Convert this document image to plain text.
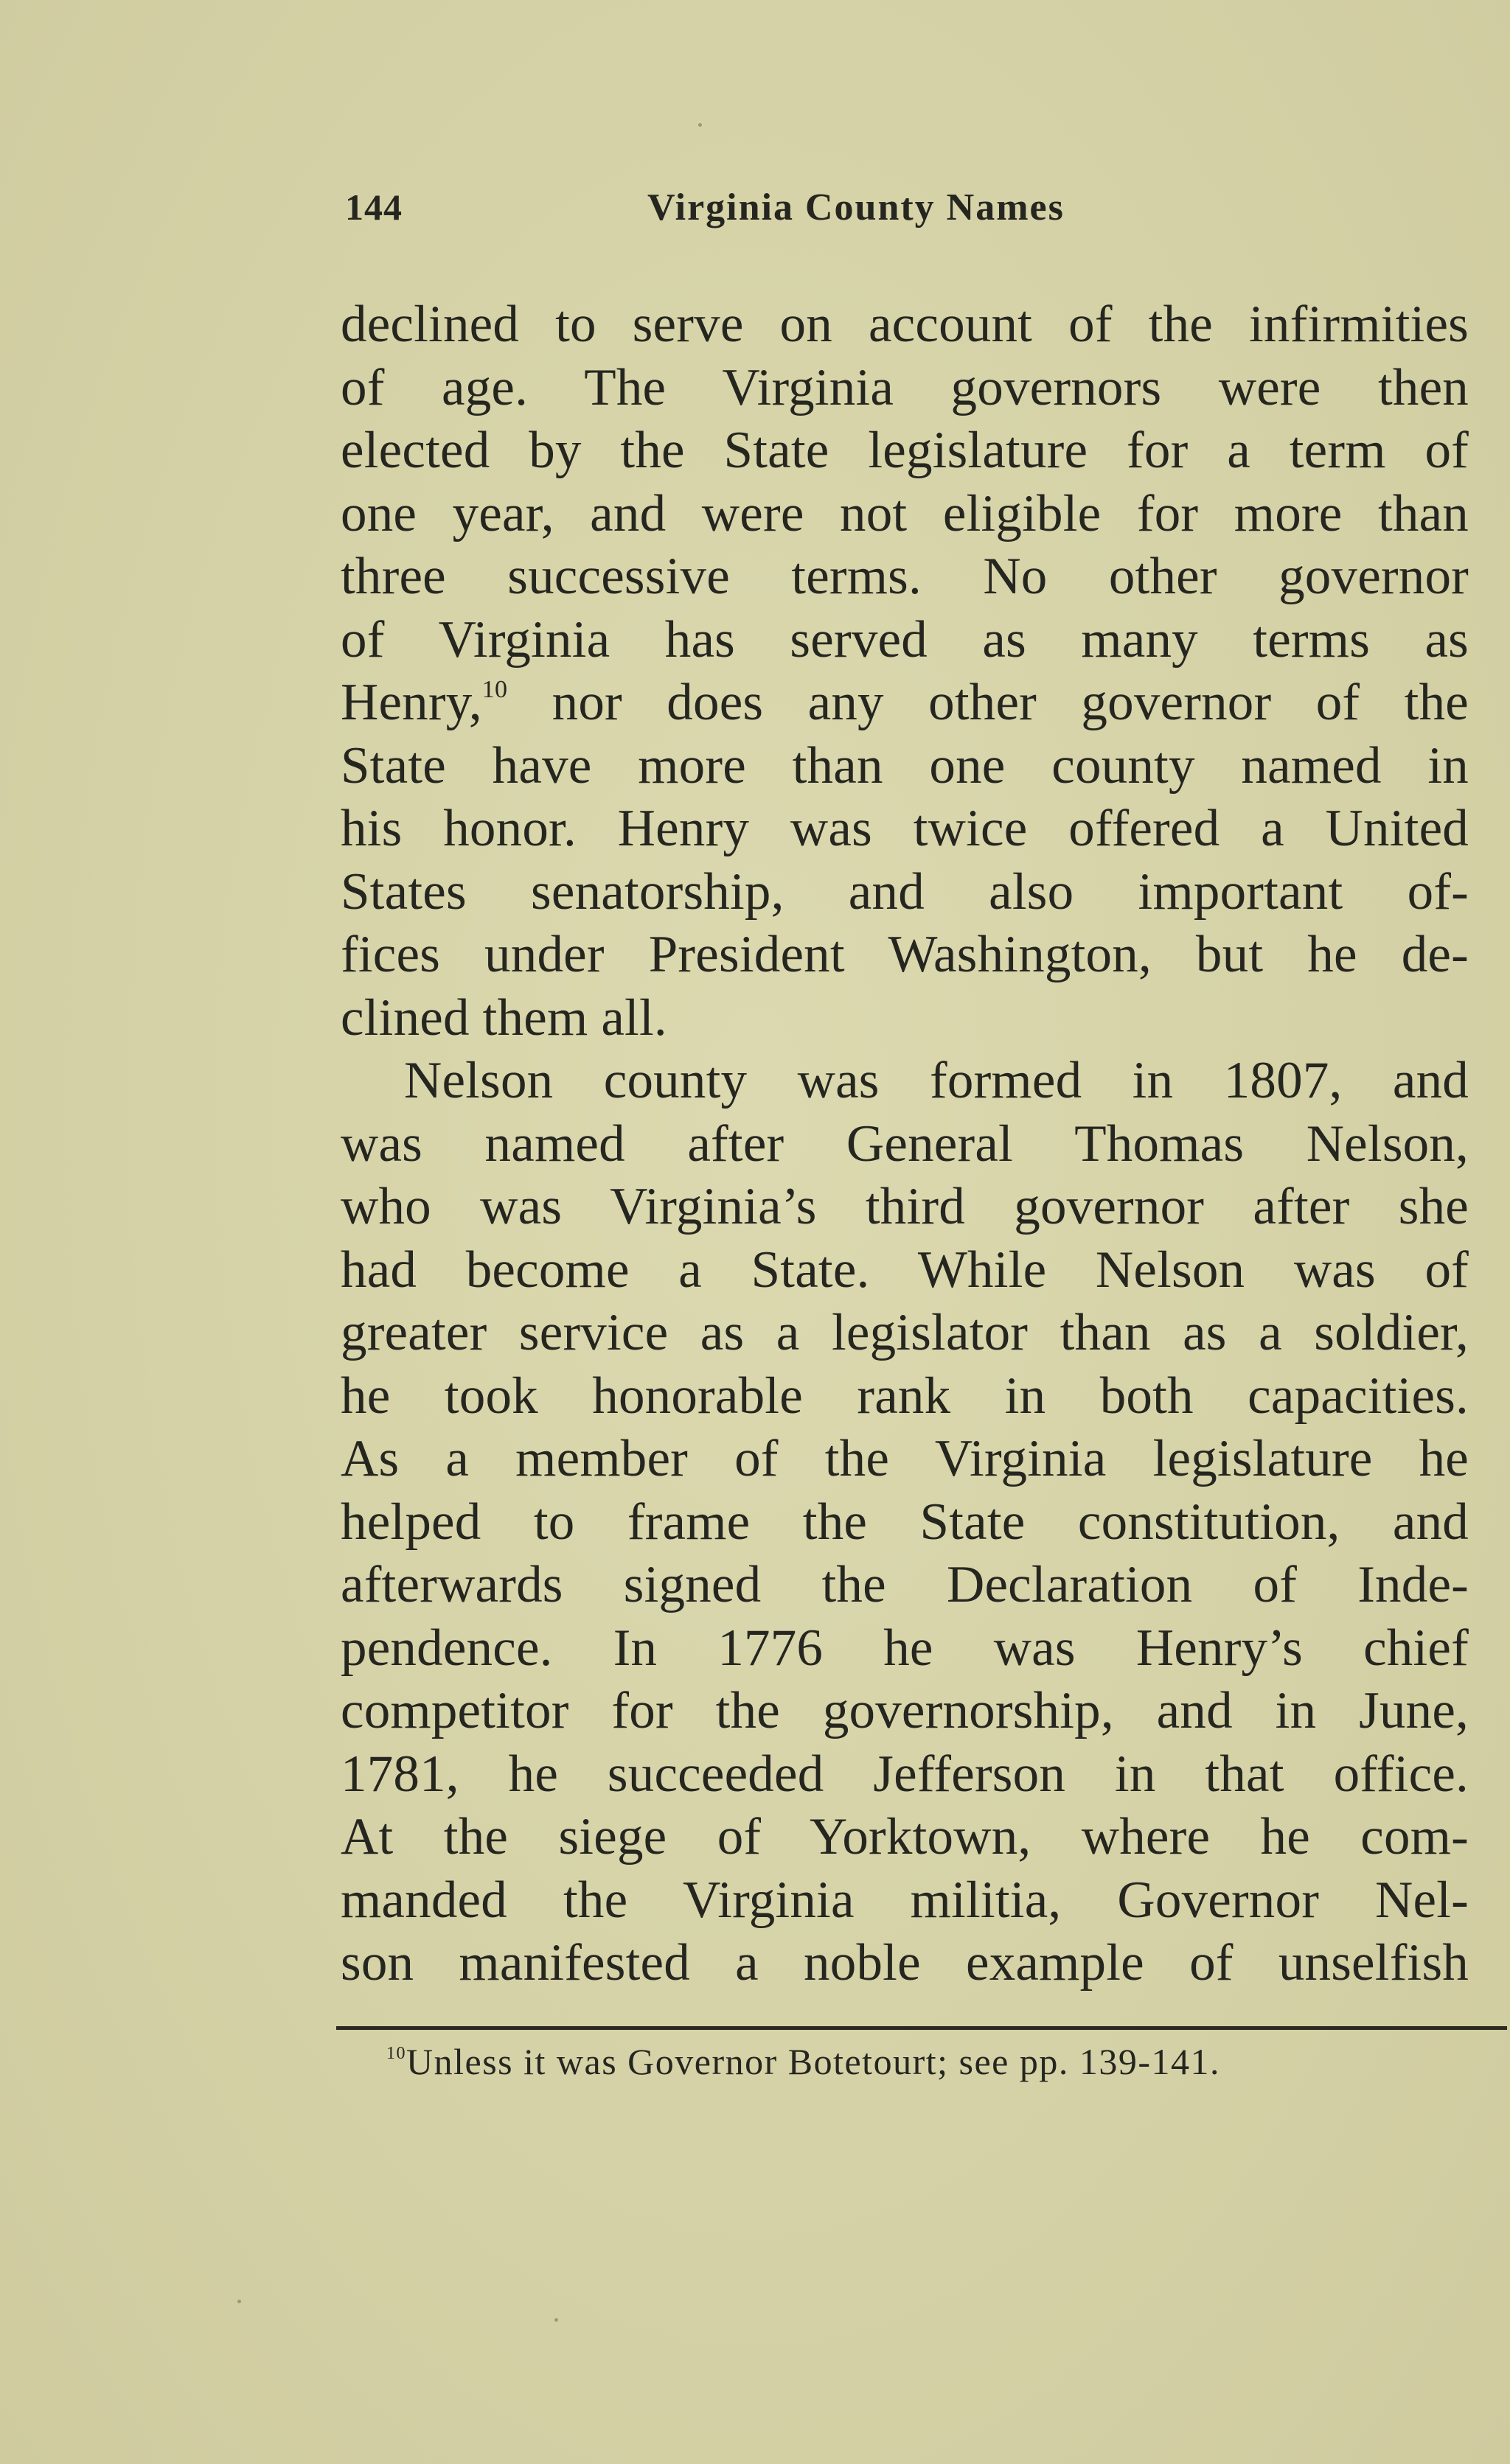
144	Virginia County Names
declined to serve on account of the infirmities
of age. The Virginia governors were then
elected by the State legislature for a term of
one year, and were not eligible for more than
three successive terms. No other governor
of Virginia has served as many terms as
Henry,$^{10}$ nor does any other governor of the
State have more than one county named in
his honor. Henry was twice offered a United
States senatorship, and also important of-
fices under President Washington, but he de-
clined them all.
Nelson county was formed in 1807, and
was named after General Thomas Nelson,
who was Virginia’s third governor after she
had become a State. While Nelson was of
greater service as a legislator than as a soldier,
he took honorable rank in both capacities.
As a member of the Virginia legislature he
helped to frame the State constitution, and
afterwards signed the Declaration of Inde-
pendence. In 1776 he was Henry’s chief
competitor for the governorship, and in June,
1781, he succeeded Jefferson in that office.
At the siege of Yorktown, where he com-
manded the Virginia militia, Governor Nel-
son manifested a noble example of unselfish
$^{10}$Unless it was Governor Botetourt; see pp. 139-141.
